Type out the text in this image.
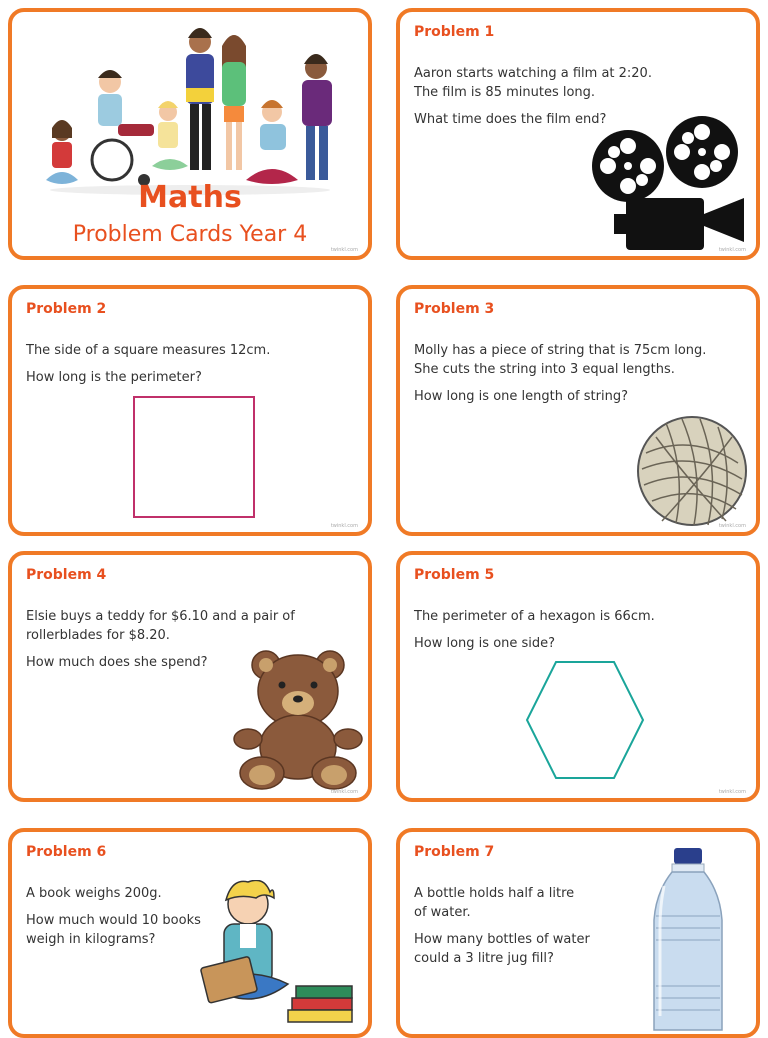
Maths
Problem Cards Year 4
twinkl.com
Problem 1
Aaron starts watching a film at 2:20.
The film is 85 minutes long.
What time does the film end?
twinkl.com
Problem 2
The side of a square measures 12cm.
How long is the perimeter?
twinkl.com
Problem 3
Molly has a piece of string that is 75cm long.
She cuts the string into 3 equal lengths.
How long is one length of string?
twinkl.com
Problem 4
Elsie buys a teddy for $6.10 and a pair of
rollerblades for $8.20.
How much does she spend?
twinkl.com
Problem 5
The perimeter of a hexagon is 66cm.
How long is one side?
twinkl.com
Problem 6
A book weighs 200g.
How much would 10 books
weigh in kilograms?
Problem 7
A bottle holds half a litre
of water.
How many bottles of water
could a 3 litre jug fill?
